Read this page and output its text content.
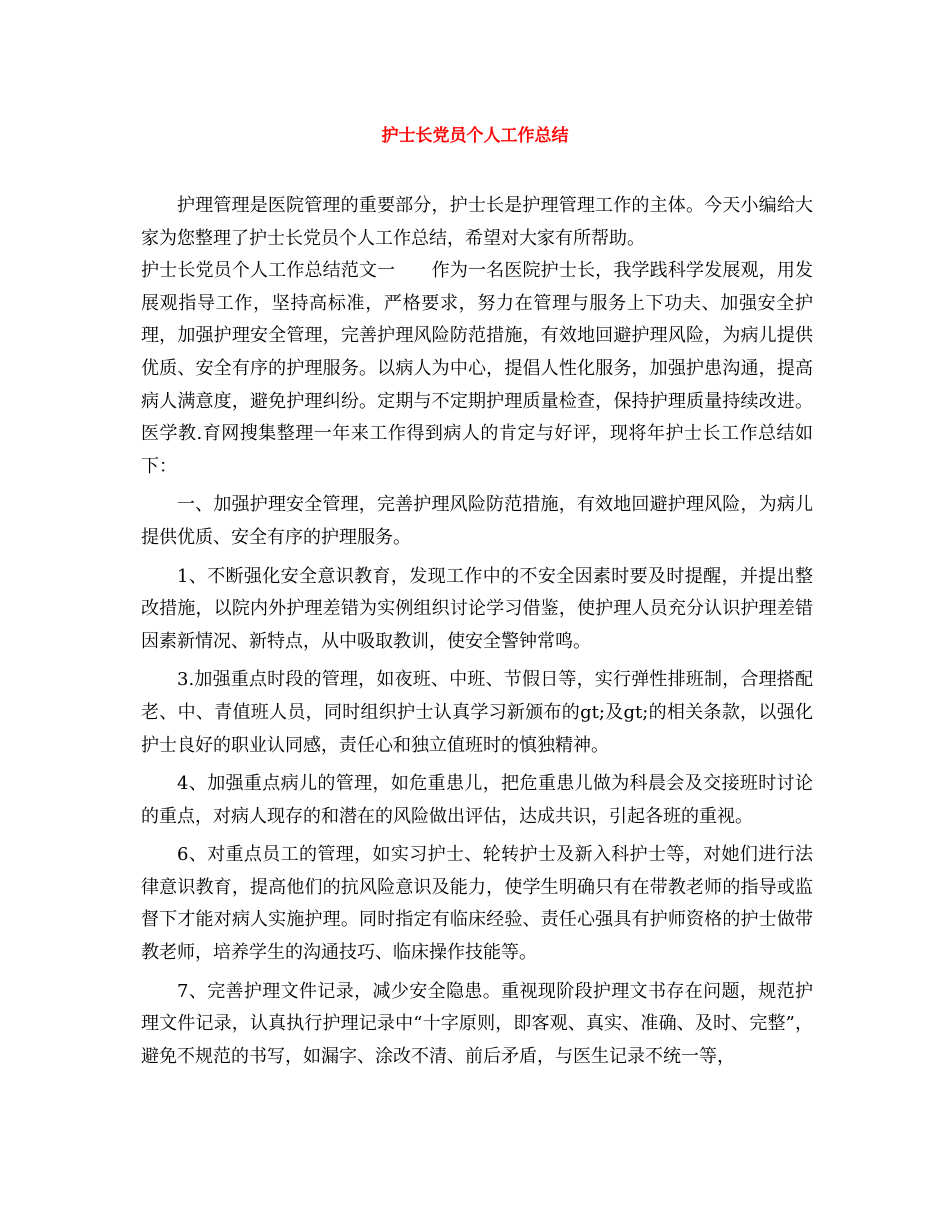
护士长党员个人工作总结

护理管理是医院管理的重要部分，护士长是护理管理工作的主体。今天小编给大家为您整理了护士长党员个人工作总结，希望对大家有所帮助。

护士长党员个人工作总结范文一　　作为一名医院护士长，我学践科学发展观，用发展观指导工作，坚持高标准，严格要求，努力在管理与服务上下功夫、加强安全护理，加强护理安全管理，完善护理风险防范措施，有效地回避护理风险，为病儿提供优质、安全有序的护理服务。以病人为中心，提倡人性化服务，加强护患沟通，提高病人满意度，避免护理纠纷。定期与不定期护理质量检查，保持护理质量持续改进。医学教.育网搜集整理一年来工作得到病人的肯定与好评，现将年护士长工作总结如下：

一、加强护理安全管理，完善护理风险防范措施，有效地回避护理风险，为病儿提供优质、安全有序的护理服务。

1、不断强化安全意识教育，发现工作中的不安全因素时要及时提醒，并提出整改措施，以院内外护理差错为实例组织讨论学习借鉴，使护理人员充分认识护理差错因素新情况、新特点，从中吸取教训，使安全警钟常鸣。

3.加强重点时段的管理，如夜班、中班、节假日等，实行弹性排班制，合理搭配老、中、青值班人员，同时组织护士认真学习新颁布的gt;及gt;的相关条款，以强化护士良好的职业认同感，责任心和独立值班时的慎独精神。

4、加强重点病儿的管理，如危重患儿，把危重患儿做为科晨会及交接班时讨论的重点，对病人现存的和潜在的风险做出评估，达成共识，引起各班的重视。

6、对重点员工的管理，如实习护士、轮转护士及新入科护士等，对她们进行法律意识教育，提高他们的抗风险意识及能力，使学生明确只有在带教老师的指导或监督下才能对病人实施护理。同时指定有临床经验、责任心强具有护师资格的护士做带教老师，培养学生的沟通技巧、临床操作技能等。

7、完善护理文件记录，减少安全隐患。重视现阶段护理文书存在问题，规范护理文件记录，认真执行护理记录中“十字原则，即客观、真实、准确、及时、完整”，避免不规范的书写，如漏字、涂改不清、前后矛盾，与医生记录不统一等，
